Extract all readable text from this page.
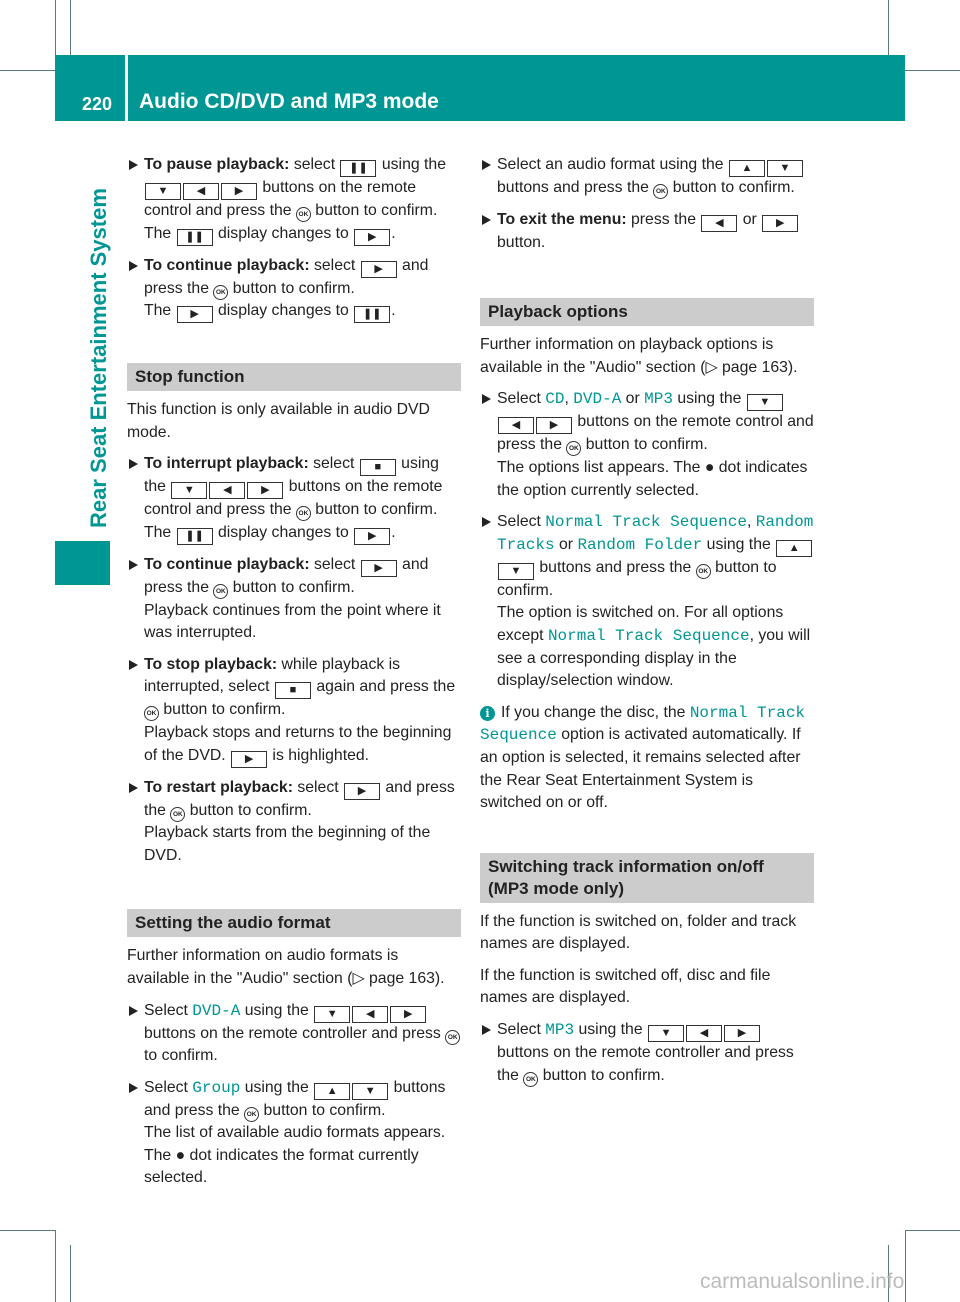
220 Audio CD/DVD and MP3 mode
Rear Seat Entertainment System
To pause playback: select ❚❚ using the ▼	◀	▶ buttons on the remote control and press the OK button to confirm.
The ❚❚ display changes to ▶ .
To continue playback: select ▶ and press the OK button to confirm.
The ▶ display changes to ❚❚ .
Stop function
This function is only available in audio DVD mode.
To interrupt playback: select ■ using the ▼	◀	▶ buttons on the remote control and press the OK button to confirm.
The ❚❚ display changes to ▶ .
To continue playback: select ▶ and press the OK button to confirm.
Playback continues from the point where it was interrupted.
To stop playback: while playback is interrupted, select ■ again and press the OK button to confirm.
Playback stops and returns to the beginning of the DVD. ▶ is highlighted.
To restart playback: select ▶ and press the OK button to confirm.
Playback starts from the beginning of the DVD.
Setting the audio format
Further information on audio formats is available in the "Audio" section (▷ page 163).
Select DVD-A using the ▼	◀	▶ buttons on the remote controller and press OK to confirm.
Select Group using the ▲ ▼ buttons and press the OK button to confirm.
The list of available audio formats appears. The ● dot indicates the format currently selected.
Select an audio format using the ▲ ▼ buttons and press the OK button to confirm.
To exit the menu: press the ◀ or ▶ button.
Playback options
Further information on playback options is available in the "Audio" section (▷ page 163).
Select CD, DVD-A or MP3 using the ▼◀	▶ buttons on the remote control and press the OK button to confirm.
The options list appears. The ● dot indicates the option currently selected.
Select Normal Track Sequence, Random Tracks or Random Folder using the ▲▼ buttons and press the OK button to confirm.
The option is switched on. For all options except Normal Track Sequence, you will see a corresponding display in the display/selection window.
i If you change the disc, the Normal Track Sequence option is activated automatically. If an option is selected, it remains selected after the Rear Seat Entertainment System is switched on or off.
Switching track information on/off (MP3 mode only)
If the function is switched on, folder and track names are displayed.
If the function is switched off, disc and file names are displayed.
Select MP3 using the ▼	◀	▶ buttons on the remote controller and press the OK button to confirm.
carmanualsonline.info
